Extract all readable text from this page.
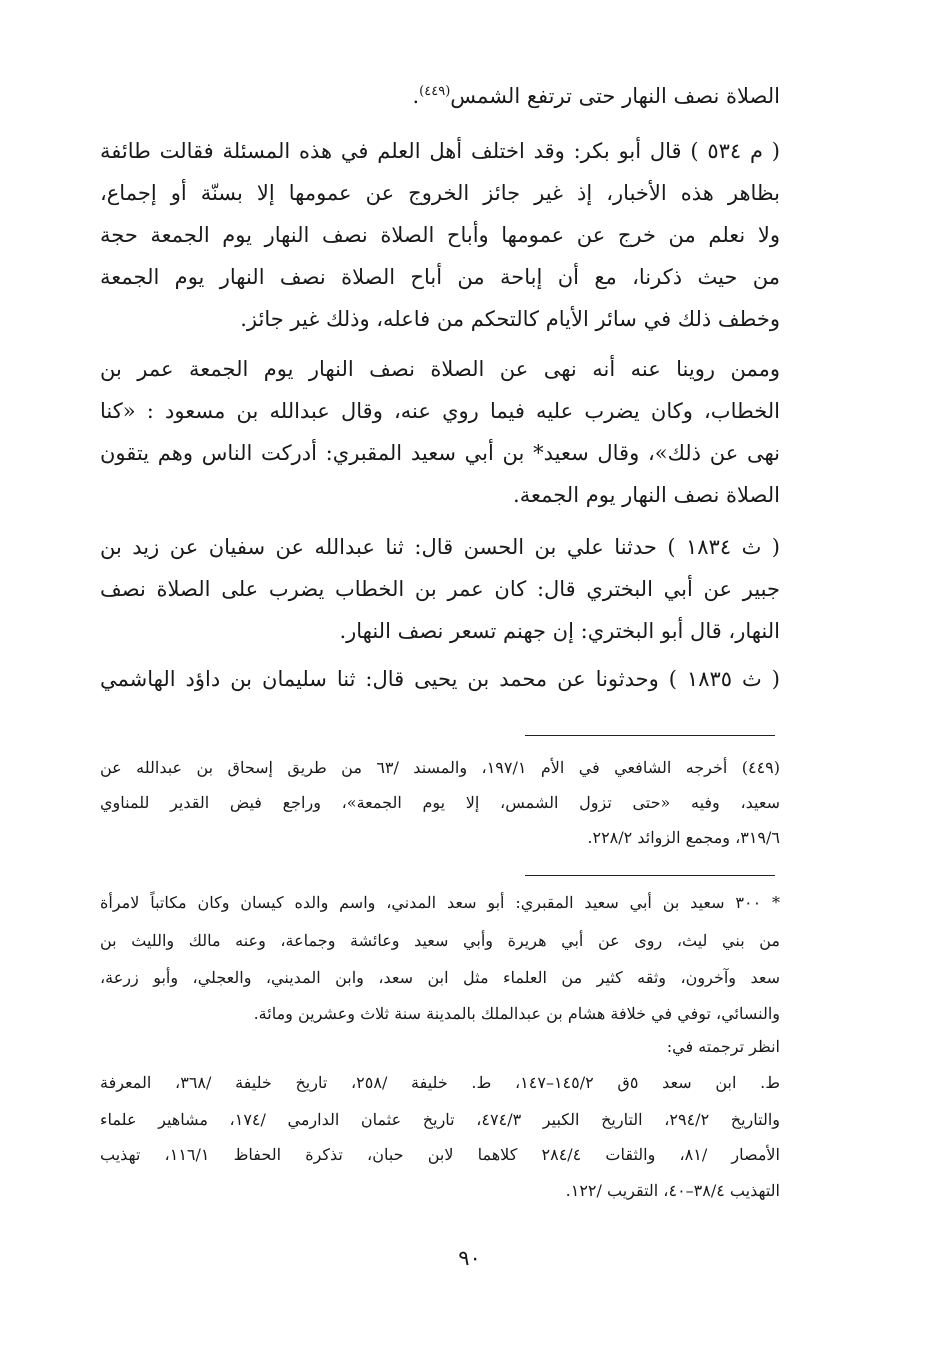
الصلاة نصف النهار حتى ترتفع الشمس$^{(٤٤٩)}$.
( م ٥٣٤ ) قال أبو بكر: وقد اختلف أهل العلم في هذه المسئلة فقالت طائفة
بظاهر هذه الأخبار، إذ غير جائز الخروج عن عمومها إلا بسنّة أو إجماع،
ولا نعلم من خرج عن عمومها وأباح الصلاة نصف النهار يوم الجمعة حجة
من حيث ذكرنا، مع أن إباحة من أباح الصلاة نصف النهار يوم الجمعة
وخطف ذلك في سائر الأيام كالتحكم من فاعله، وذلك غير جائز.
وممن روينا عنه أنه نهى عن الصلاة نصف النهار يوم الجمعة عمر بن
الخطاب، وكان يضرب عليه فيما روي عنه، وقال عبدالله بن مسعود : «كنا
نهى عن ذلك»، وقال سعيد* بن أبي سعيد المقبري: أدركت الناس وهم يتقون
الصلاة نصف النهار يوم الجمعة.
( ث ١٨٣٤ ) حدثنا علي بن الحسن قال: ثنا عبدالله عن سفيان عن زيد بن
جبير عن أبي البختري قال: كان عمر بن الخطاب يضرب على الصلاة نصف
النهار، قال أبو البختري: إن جهنم تسعر نصف النهار.
( ث ١٨٣٥ ) وحدثونا عن محمد بن يحيى قال: ثنا سليمان بن داؤد الهاشمي
(٤٤٩) أخرجه الشافعي في الأم ١٩٧/١، والمسند /٦٣ من طريق إسحاق بن عبدالله عن
سعيد، وفيه «حتى تزول الشمس، إلا يوم الجمعة»، وراجع فيض القدير للمناوي
٣١٩/٦، ومجمع الزوائد ٢٢٨/٢.
* ٣٠٠ سعيد بن أبي سعيد المقبري: أبو سعد المدني، واسم والده كيسان وكان مكاتباً لامرأة
من بني ليث، روى عن أبي هريرة وأبي سعيد وعائشة وجماعة، وعنه مالك والليث بن
سعد وآخرون، وثقه كثير من العلماء مثل ابن سعد، وابن المديني، والعجلي، وأبو زرعة،
والنسائي، توفي في خلافة هشام بن عبدالملك بالمدينة سنة ثلاث وعشرين ومائة.
انظر ترجمته في:
ط. ابن سعد ٥ق ١٤٥/٢–١٤٧، ط. خليفة /٢٥٨، تاريخ خليفة /٣٦٨، المعرفة
والتاريخ ٢٩٤/٢، التاريخ الكبير ٤٧٤/٣، تاريخ عثمان الدارمي /١٧٤، مشاهير علماء
الأمصار /٨١، والثقات ٢٨٤/٤ كلاهما لابن حبان، تذكرة الحفاظ ١١٦/١، تهذيب
التهذيب ٣٨/٤–٤٠، التقريب /١٢٢.
٩٠
